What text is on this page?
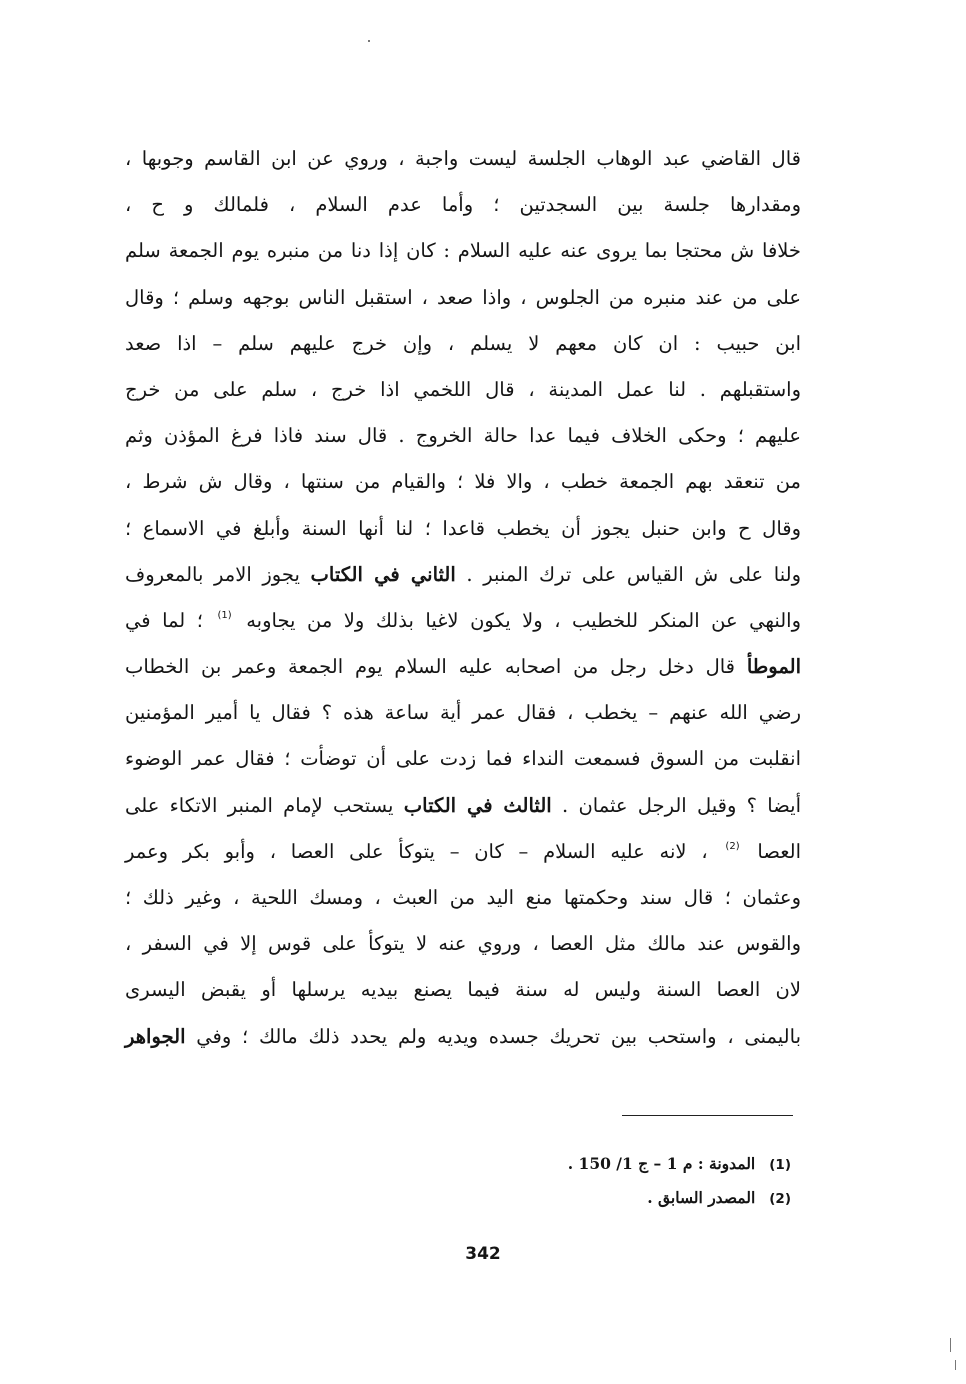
قال القاضي عبد الوهاب الجلسة ليست واجبة ، وروي عن ابن القاسم وجوبها ،
ومقدارها جلسة بين السجدتين ؛ وأما عدم السلام ، فلمالك و ح ،
خلافا ش محتجا بما يروى عنه عليه السلام : كان إذا دنا من منبره يوم الجمعة سلم
على من عند منبره من الجلوس ، واذا صعد ، استقبل الناس بوجهه وسلم ؛ وقال
ابن حبيب : ان كان معهم لا يسلم ، وإن خرج عليهم سلم – اذا صعد
واستقبلهم . لنا عمل المدينة ، قال اللخمي اذا خرج ، سلم على من خرج
عليهم ؛ وحكى الخلاف فيما عدا حالة الخروج . قال سند فاذا فرغ المؤذن وثم
من تنعقد بهم الجمعة خطب ، والا فلا ؛ والقيام من سنتها ، وقال ش شرط ،
وقال ح وابن حنبل يجوز أن يخطب قاعدا ؛ لنا أنها السنة وأبلغ في الاسماع ؛
ولنا على ش القياس على ترك المنبر . الثاني في الكتاب يجوز الامر بالمعروف
والنهي عن المنكر للخطيب ، ولا يكون لاغيا بذلك ولا من يجاوبه $^{(1)}$ ؛ لما في
الموطأ قال دخل رجل من اصحابه عليه السلام يوم الجمعة وعمر بن الخطاب
رضي الله عنهم – يخطب ، فقال عمر أية ساعة هذه ؟ فقال يا أمير المؤمنين
انقلبت من السوق فسمعت النداء فما زدت على أن توضأت ؛ فقال عمر الوضوء
أيضا ؟ وقيل الرجل عثمان . الثالث في الكتاب يستحب لإمام المنبر الاتكاء على
العصا $^{(2)}$ ، لانه عليه السلام – كان – يتوكأ على العصا ، وأبو بكر وعمر
وعثمان ؛ قال سند وحكمتها منع اليد من العبث ، ومسك اللحية ، وغير ذلك ؛
والقوس عند مالك مثل العصا ، وروي عنه لا يتوكأ على قوس إلا في السفر ،
لان العصا السنة وليس له سنة فيما يصنع بيديه يرسلها أو يقبض اليسرى
باليمنى ، واستحب بين تحريك جسده ويديه ولم يحدد ذلك مالك ؛ وفي الجواهر
(1)المدونة : م 1 – ج 1/ 150 .
(2)المصدر السابق .
342
